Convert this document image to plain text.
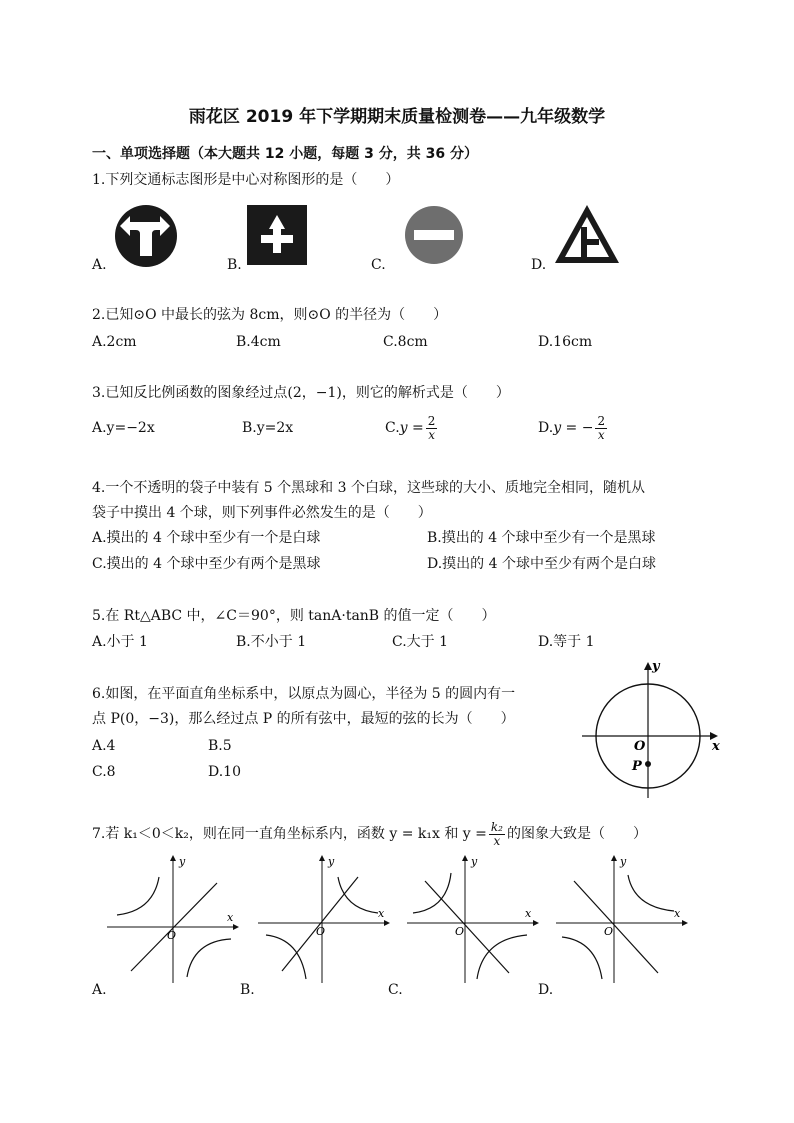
雨花区 2019 年下学期期末质量检测卷——九年级数学
一、单项选择题（本大题共 12 小题，每题 3 分，共 36 分）
1.下列交通标志图形是中心对称图形的是（　　）
A.	B.	C.	D.
2.已知⊙O 中最长的弦为 8cm，则⊙O 的半径为（　　）
A.2cm	B.4cm	C.8cm	D.16cm
3.已知反比例函数的图象经过点(2，−1)，则它的解析式是（　　）
A.y=−2x	B.y=2x	$C.y = \frac{2}{x}$	D.y = − $\frac{2}{x}$
4.一个不透明的袋子中装有 5 个黑球和 3 个白球，这些球的大小、质地完全相同，随机从
袋子中摸出 4 个球，则下列事件必然发生的是（　　）
A.摸出的 4 个球中至少有一个是白球	B.摸出的 4 个球中至少有一个是黑球
C.摸出的 4 个球中至少有两个是黑球	D.摸出的 4 个球中至少有两个是白球
5.在 Rt△ABC 中，∠C＝90°，则 tanA·tanB 的值一定（　　）
A.小于 1	B.不小于 1	C.大于 1	D.等于 1
6.如图，在平面直角坐标系中，以原点为圆心，半径为 5 的圆内有一
点 P(0，−3)，那么经过点 P 的所有弦中，最短的弦的长为（　　）
A.4	B.5
C.8	D.10
x
y
O
P
7.若 k₁＜0＜k₂，则在同一直角坐标系内，函数 y = k₁x 和 $y = \frac{\text{k₂}}{x}$ 的图象大致是（　　）
y
x
O
y
x
O
y
x
O
y
x
O
A.	B.	C.	D.
